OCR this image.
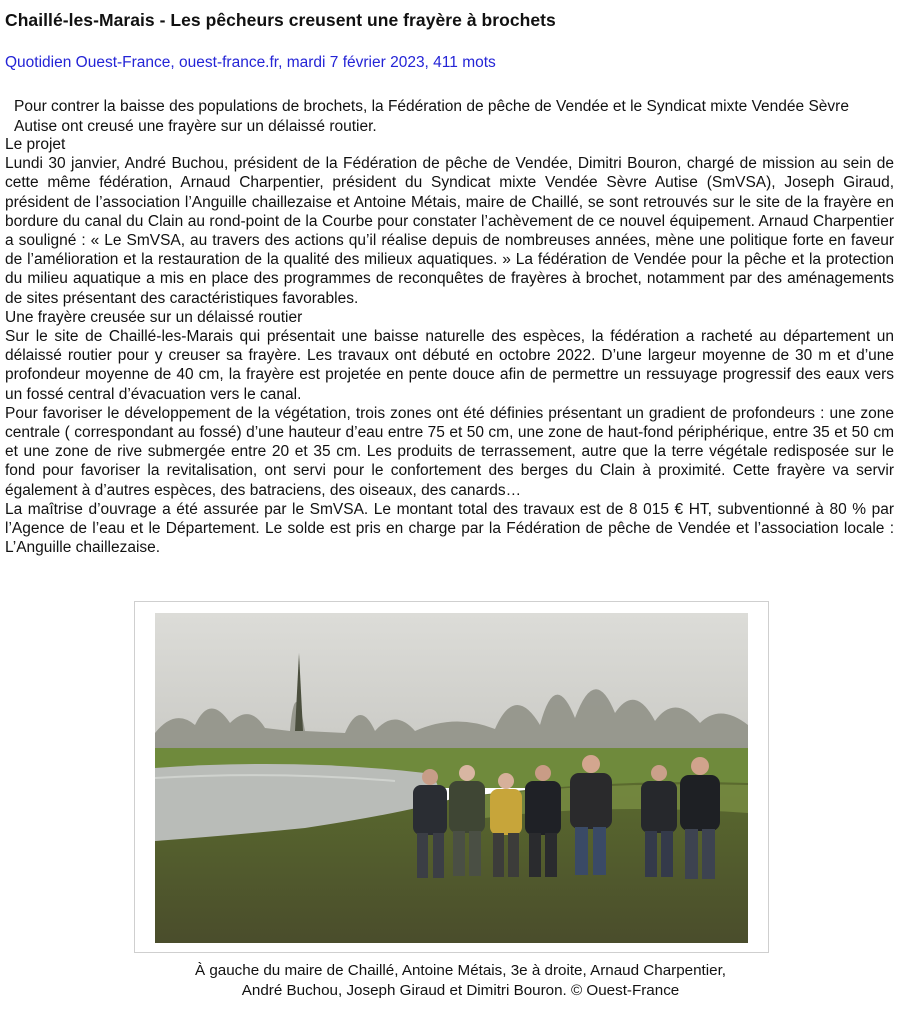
Chaillé-les-Marais - Les pêcheurs creusent une frayère à brochets

Quotidien Ouest-France, ouest-france.fr, mardi 7 février 2023, 411 mots

Pour contrer la baisse des populations de brochets, la Fédération de pêche de Vendée et le Syndicat mixte Vendée Sèvre Autise ont creusé une frayère sur un délaissé routier.

Le projet

Lundi 30 janvier, André Buchou, président de la Fédération de pêche de Vendée, Dimitri Bouron, chargé de mission au sein de cette même fédération, Arnaud Charpentier, président du Syndicat mixte Vendée Sèvre Autise (SmVSA), Joseph Giraud, président de l’association l’Anguille chaillezaise et Antoine Métais, maire de Chaillé, se sont retrouvés sur le site de la frayère en bordure du canal du Clain au rond-point de la Courbe pour constater l’achèvement de ce nouvel équipement. Arnaud Charpentier a souligné : « Le SmVSA, au travers des actions qu’il réalise depuis de nombreuses années, mène une politique forte en faveur de l’amélioration et la restauration de la qualité des milieux aquatiques. » La fédération de Vendée pour la pêche et la protection du milieu aquatique a mis en place des programmes de reconquêtes de frayères à brochet, notamment par des aménagements de sites présentant des caractéristiques favorables.

Une frayère creusée sur un délaissé routier

Sur le site de Chaillé-les-Marais qui présentait une baisse naturelle des espèces, la fédération a racheté au département un délaissé routier pour y creuser sa frayère. Les travaux ont débuté en octobre 2022. D’une largeur moyenne de 30 m et d’une profondeur moyenne de 40 cm, la frayère est projetée en pente douce afin de permettre un ressuyage progressif des eaux vers un fossé central d’évacuation vers le canal.

Pour favoriser le développement de la végétation, trois zones ont été définies présentant un gradient de profondeurs : une zone centrale ( correspondant au fossé) d’une hauteur d’eau entre 75 et 50 cm, une zone de haut-fond périphérique, entre 35 et 50 cm et une zone de rive submergée entre 20 et 35 cm. Les produits de terrassement, autre que la terre végétale redisposée sur le fond pour favoriser la revitalisation, ont servi pour le confortement des berges du Clain à proximité. Cette frayère va servir également à d’autres espèces, des batraciens, des oiseaux, des canards…

La maîtrise d’ouvrage a été assurée par le SmVSA. Le montant total des travaux est de 8 015 € HT, subventionné à 80 % par l’Agence de l’eau et le Département. Le solde est pris en charge par la Fédération de pêche de Vendée et l’association locale : L’Anguille chaillezaise.

À gauche du maire de Chaillé, Antoine Métais, 3e à droite, Arnaud Charpentier,
André Buchou, Joseph Giraud et Dimitri Bouron. © Ouest-France
